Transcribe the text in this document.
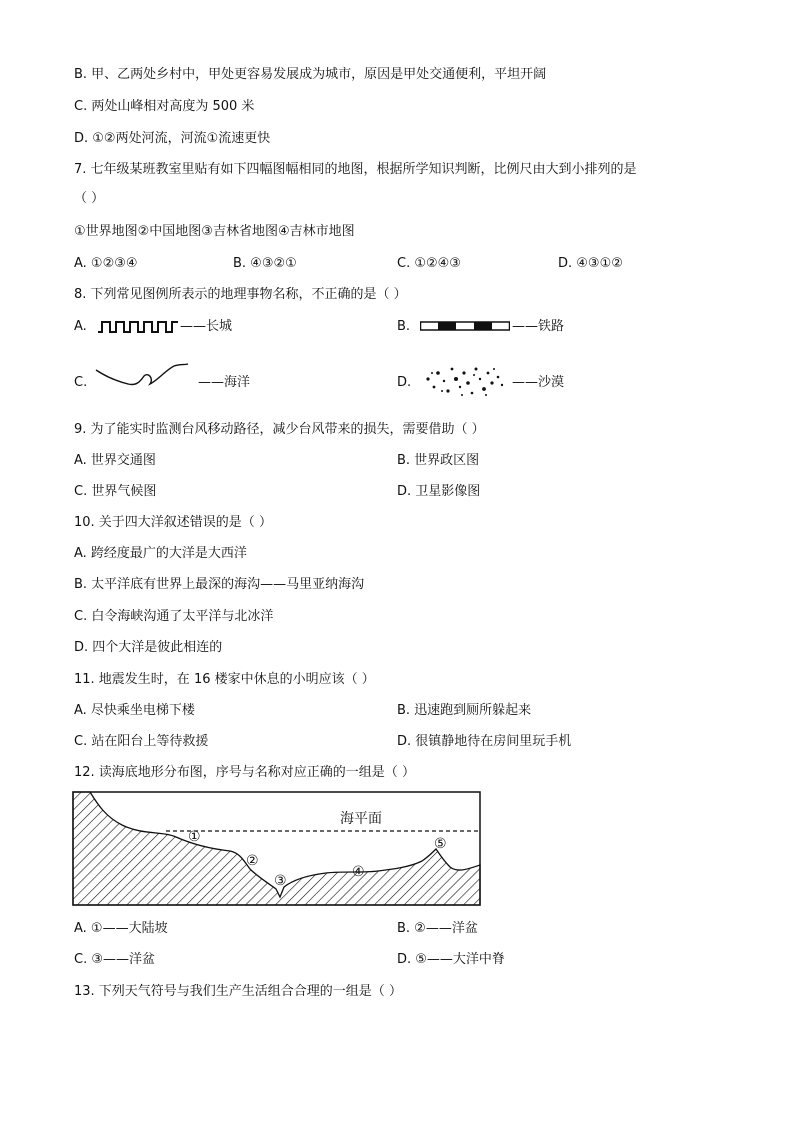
B. 甲、乙两处乡村中，甲处更容易发展成为城市，原因是甲处交通便利，平坦开阔
C. 两处山峰相对高度为 500 米
D. ①②两处河流，河流①流速更快
7. 七年级某班教室里贴有如下四幅图幅相同的地图，根据所学知识判断，比例尺由大到小排列的是
（ ）
①世界地图②中国地图③吉林省地图④吉林市地图
A. ①②③④	B. ④③②①	C. ①②④③	D. ④③①②
8. 下列常见图例所表示的地理事物名称，不正确的是（ ）
A.	——长城	B.	——铁路
C.	——海洋	D.	——沙漠
9. 为了能实时监测台风移动路径，减少台风带来的损失，需要借助（ ）
A. 世界交通图	B. 世界政区图
C. 世界气候图	D. 卫星影像图
10. 关于四大洋叙述错误的是（ ）
A. 跨经度最广的大洋是大西洋
B. 太平洋底有世界上最深的海沟——马里亚纳海沟
C. 白令海峡沟通了太平洋与北冰洋
D. 四个大洋是彼此相连的
11. 地震发生时，在 16 楼家中休息的小明应该（ ）
A. 尽快乘坐电梯下楼	B. 迅速跑到厕所躲起来
C. 站在阳台上等待救援	D. 很镇静地待在房间里玩手机
12. 读海底地形分布图，序号与名称对应正确的一组是（ ）
海平面
①
②
③
④
⑤
A. ①——大陆坡	B. ②——洋盆
C. ③——洋盆	D. ⑤——大洋中脊
13. 下列天气符号与我们生产生活组合合理的一组是（ ）
